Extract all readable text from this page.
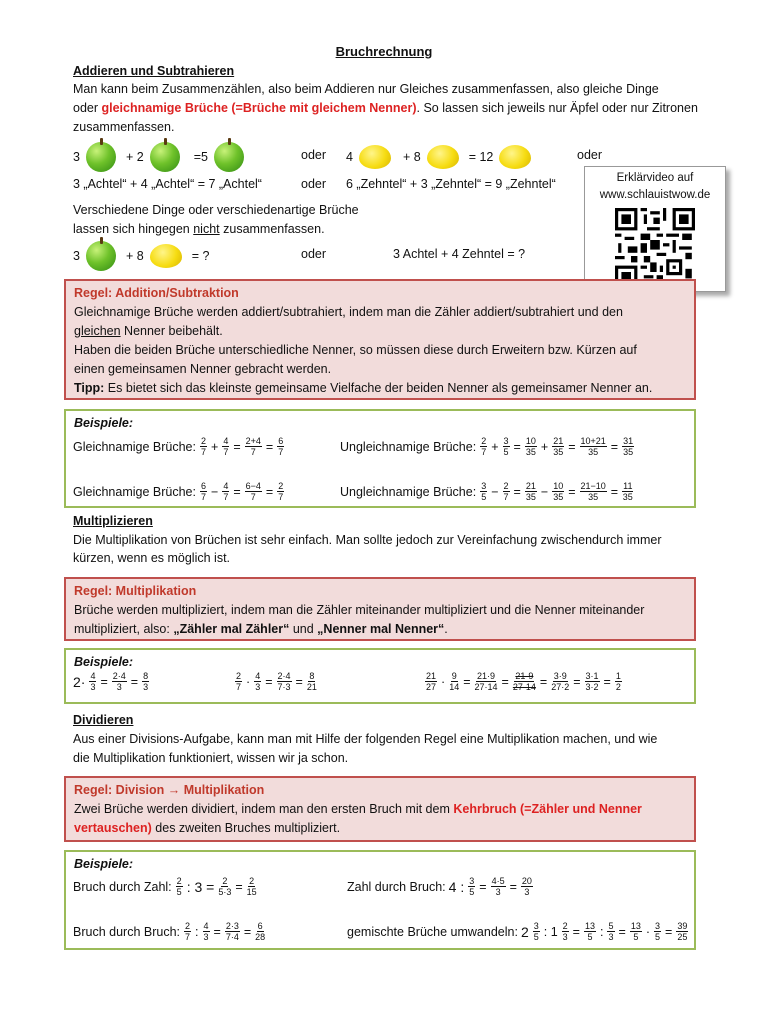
Bruchrechnung
Addieren und Subtrahieren
Man kann beim Zusammenzählen, also beim Addieren nur Gleiches zusammenfassen, also gleiche Dinge
oder gleichnamige Brüche (=Brüche mit gleichem Nenner). So lassen sich jeweils nur Äpfel oder nur Zitronen
zusammenfassen.
3	+ 2	=5	oder 4	+ 8	= 12	oder
3 „Achtel“ + 4 „Achtel“ = 7 „Achtel“	oder 6 „Zehntel“ + 3 „Zehntel“ = 9 „Zehntel“
Verschiedene Dinge oder verschiedenartige Brüche
lassen sich hingegen nicht zusammenfassen.
3	+ 8	= ?	oder	3 Achtel + 4 Zehntel = ?
Erklärvideo auf
www.schlauistwow.de
Regel: Addition/Subtraktion
Gleichnamige Brüche werden addiert/subtrahiert, indem man die Zähler addiert/subtrahiert und den
gleichen Nenner beibehält.
Haben die beiden Brüche unterschiedliche Nenner, so müssen diese durch Erweitern bzw. Kürzen auf
einen gemeinsamen Nenner gebracht werden.
Tipp: Es bietet sich das kleinste gemeinsame Vielfache der beiden Nenner als gemeinsamer Nenner an.
Beispiele:
Gleichnamige Brüche: $\frac{2}{7} + \frac{4}{7} = \frac{2+4}{7} = \frac{6}{7}$	Ungleichnamige Brüche: $\frac{2}{7} + \frac{3}{5} = \frac{10}{35} + \frac{21}{35} = \frac{10+21}{35} = \frac{31}{35}$
Gleichnamige Brüche: $\frac{6}{7} - \frac{4}{7} = \frac{6-4}{7} = \frac{2}{7}$	Ungleichnamige Brüche: $\frac{3}{5} - \frac{2}{7} = \frac{21}{35} - \frac{10}{35} = \frac{21-10}{35} = \frac{11}{35}$
Multiplizieren
Die Multiplikation von Brüchen ist sehr einfach. Man sollte jedoch zur Vereinfachung zwischendurch immer
kürzen, wenn es möglich ist.
Regel: Multiplikation
Brüche werden multipliziert, indem man die Zähler miteinander multipliziert und die Nenner miteinander
multipliziert, also: „Zähler mal Zähler“ und „Nenner mal Nenner“.
Beispiele:
$2\cdot \frac{4}{3} = \frac{2\cdot 4}{3} = \frac{8}{3}$	$\frac{2}{7} \cdot \frac{4}{3} = \frac{2\cdot 4}{7\cdot 3} = \frac{8}{21}$	$\frac{21}{27} \cdot \frac{9}{14} = \frac{21\cdot 9}{27\cdot 14} = \frac{21\cdot 9}{27\cdot 14} = \frac{3\cdot 9}{27\cdot 2} = \frac{3\cdot 1}{3\cdot 2} = \frac{1}{2}$
Dividieren
Aus einer Divisions-Aufgabe, kann man mit Hilfe der folgenden Regel eine Multiplikation machen, und wie
die Multiplikation funktioniert, wissen wir ja schon.
Regel: Division → Multiplikation
Zwei Brüche werden dividiert, indem man den ersten Bruch mit dem Kehrbruch (=Zähler und Nenner
vertauschen) des zweiten Bruches multipliziert.
Beispiele:
Bruch durch Zahl: $\frac{2}{5}$ : $3 = \frac{2}{5\cdot 3} = \frac{2}{15}$	Zahl durch Bruch: 4 : $\frac{3}{5} = \frac{4\cdot 5}{3} = \frac{20}{3}$
Bruch durch Bruch: $\frac{2}{7}$ : $\frac{4}{3} = \frac{2\cdot 3}{7\cdot 4} = \frac{6}{28}$	gemischte Brüche umwandeln: $2 \frac{3}{5}$ : $1 \frac{2}{3} = \frac{13}{5}$ : $\frac{5}{3} = \frac{13}{5} \cdot \frac{3}{5} = \frac{39}{25}$
